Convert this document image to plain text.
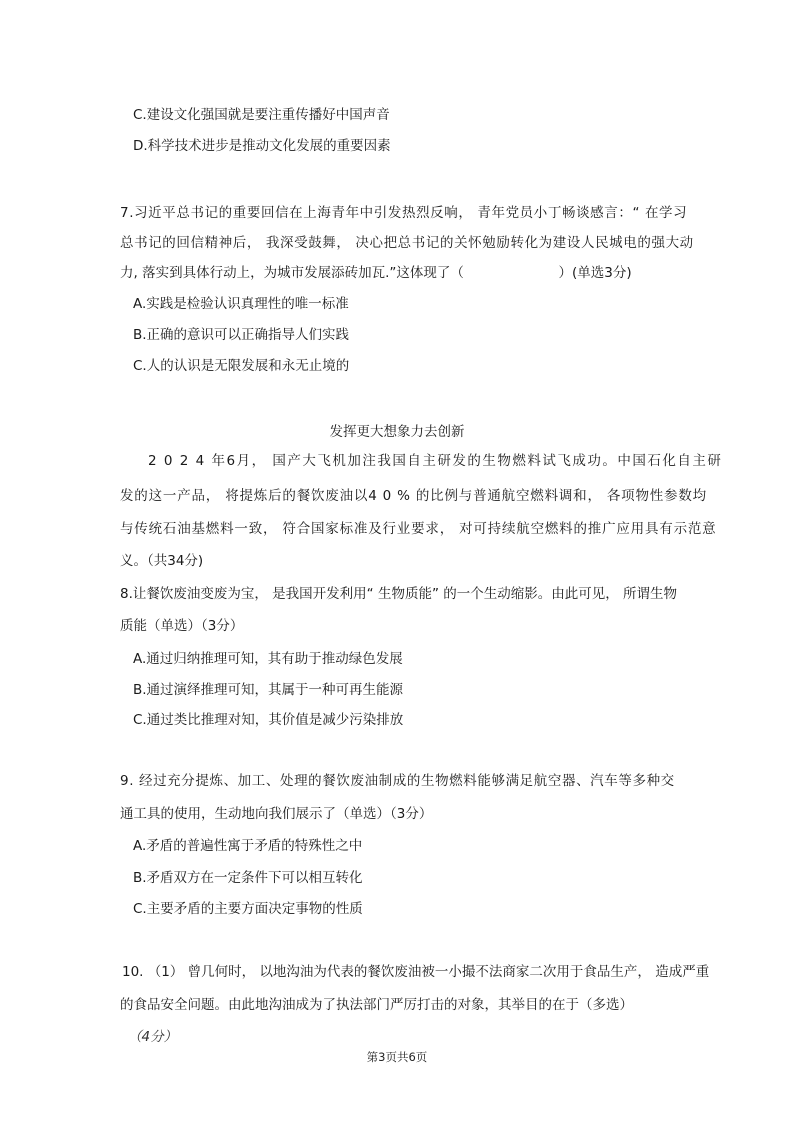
C.建设文化强国就是要注重传播好中国声音
D.科学技术进步是推动文化发展的重要因素
7.习近平总书记的重要回信在上海青年中引发热烈反响， 青年党员小丁畅谈感言：“ 在学习
总书记的回信精神后， 我深受鼓舞， 决心把总书记的关怀勉励转化为建设人民城电的强大动
力, 落实到具体行动上，为城市发展添砖加瓦.”这体现了（	）(单选3分)
A.实践是检验认识真理性的唯一标准
B.正确的意识可以正确指导人们实践
C.人的认识是无限发展和永无止境的
发挥更大想象力去创新
2 0 2 4 年6月， 国产大飞机加注我国自主研发的生物燃料试飞成功。中国石化自主研
发的这一产品， 将提炼后的餐饮废油以4 0 % 的比例与普通航空燃料调和， 各项物性参数均
与传统石油基燃料一致， 符合国家标准及行业要求， 对可持续航空燃料的推广应用具有示范意
义。（共34分)
8.让餐饮废油变废为宝， 是我国开发利用“ 生物质能” 的一个生动缩影。由此可见， 所谓生物
质能（单选）（3分）
A.通过归纳推理可知，其有助于推动绿色发展
B.通过演绎推理可知，其属于一种可再生能源
C.通过类比推理对知，其价值是减少污染排放
9. 经过充分提炼、加工、处理的餐饮废油制成的生物燃料能够满足航空器、汽车等多种交
通工具的使用，生动地向我们展示了（单选）（3分）
A.矛盾的普遍性寓于矛盾的特殊性之中
B.矛盾双方在一定条件下可以相互转化
C.主要矛盾的主要方面决定事物的性质
10. （1） 曾几何时， 以地沟油为代表的餐饮废油被一小撮不法商家二次用于食品生产， 造成严重
的食品安全问题。由此地沟油成为了执法部门严厉打击的对象，其举目的在于（多选）
（4分）
第3页共6页
